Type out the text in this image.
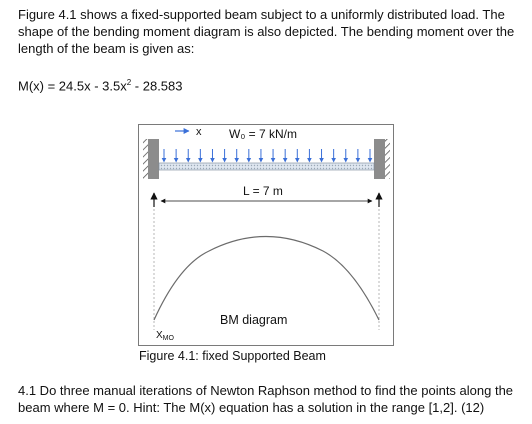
Figure 4.1 shows a fixed-supported beam subject to a uniformly distributed load. The shape of the bending moment diagram is also depicted. The bending moment over the length of the beam is given as:
$M(x) = 24.5x - 3.5x^2 - 28.583$
x W₀ = 7 kN/m
L = 7 m
BM diagram
$X_{MO}$
Figure 4.1: fixed Supported Beam
4.1 Do three manual iterations of Newton Raphson method to find the points along the beam where M = 0. Hint: The M(x) equation has a solution in the range [1,2]. (12)
